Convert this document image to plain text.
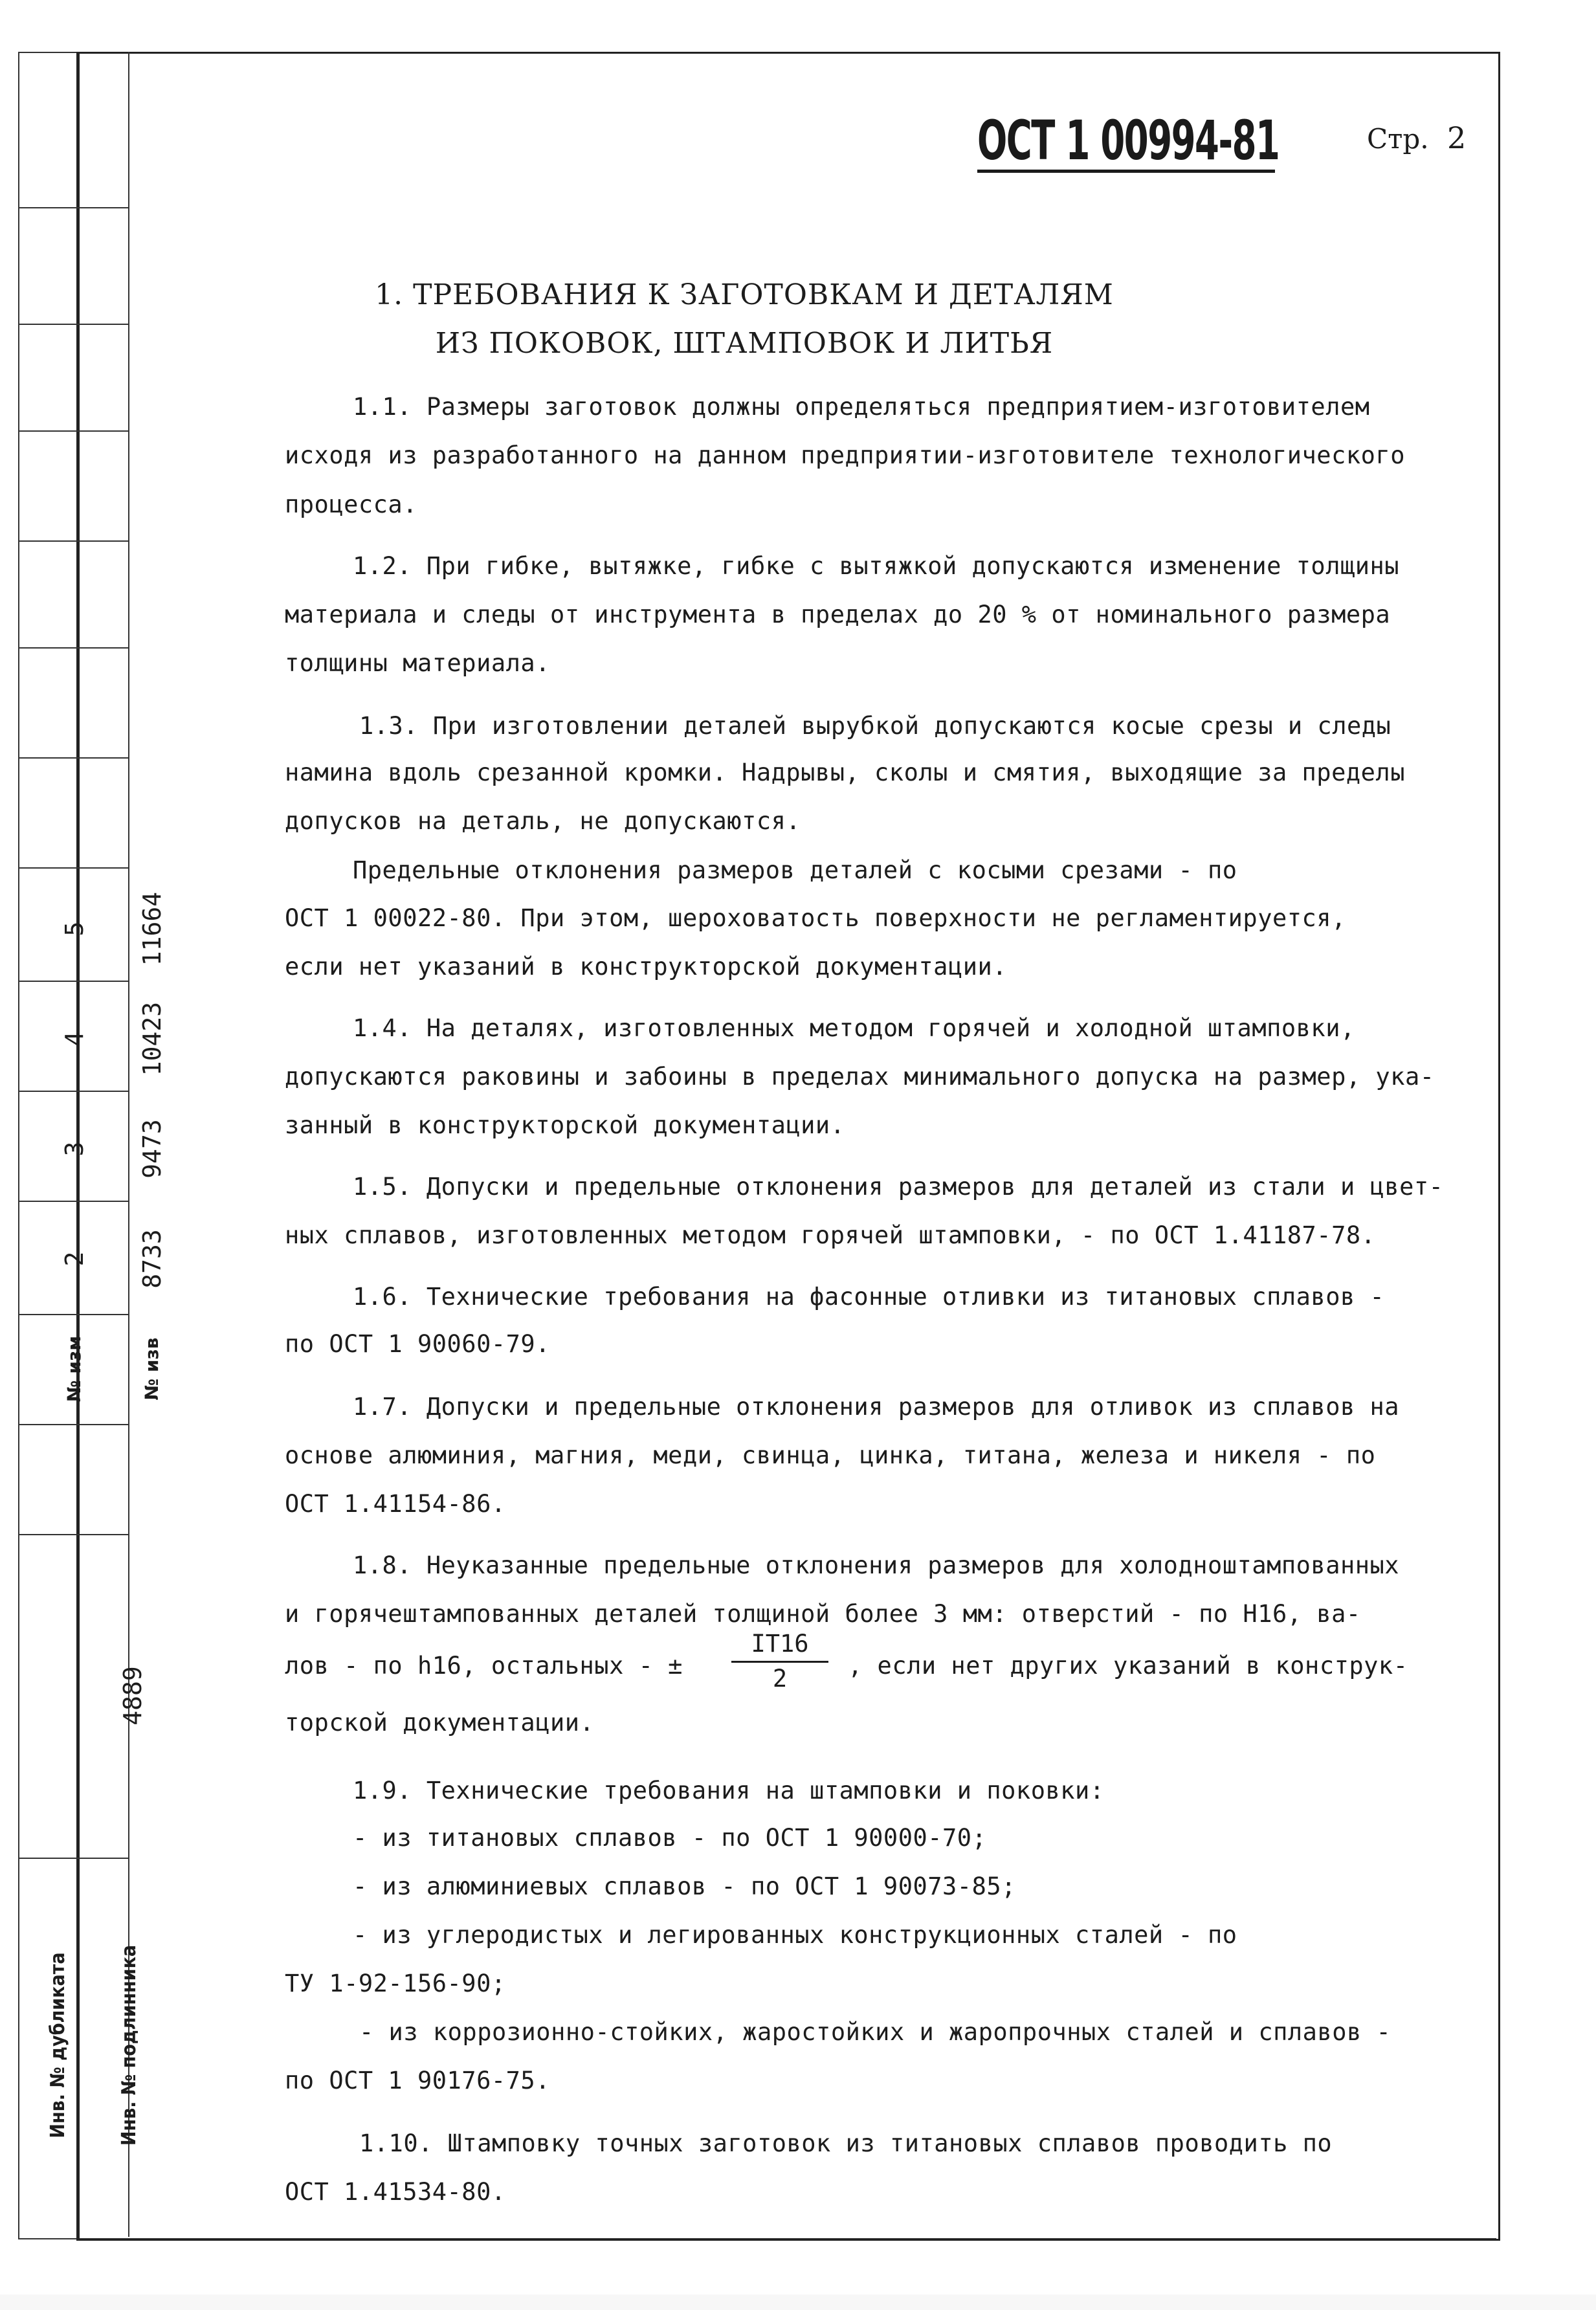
5 11664
4 10423
3 9473
2 8733
№ изм	№ изв
4889
Инв. № дубликата	Инв. № подлинника
ОСТ 1 00994-81	Стр. 2
1. ТРЕБОВАНИЯ К ЗАГОТОВКАМ И ДЕТАЛЯМ
ИЗ ПОКОВОК, ШТАМПОВОК И ЛИТЬЯ
1.1. Размеры заготовок должны определяться предприятием-изготовителем
исходя из разработанного на данном предприятии-изготовителе технологического
процесса.
1.2. При гибке, вытяжке, гибке с вытяжкой допускаются изменение толщины
материала и следы от инструмента в пределах до 20 % от номинального размера
толщины материала.
1.3. При изготовлении деталей вырубкой допускаются косые срезы и следы
намина вдоль срезанной кромки. Надрывы, сколы и смятия, выходящие за пределы
допусков на деталь, не допускаются.
Предельные отклонения размеров деталей с косыми срезами - по
ОСТ 1 00022-80. При этом, шероховатость поверхности не регламентируется,
если нет указаний в конструкторской документации.
1.4. На деталях, изготовленных методом горячей и холодной штамповки,
допускаются раковины и забоины в пределах минимального допуска на размер, ука-
занный в конструкторской документации.
1.5. Допуски и предельные отклонения размеров для деталей из стали и цвет-
ных сплавов, изготовленных методом горячей штамповки, - по ОСТ 1.41187-78.
1.6. Технические требования на фасонные отливки из титановых сплавов -
по ОСТ 1 90060-79.
1.7. Допуски и предельные отклонения размеров для отливок из сплавов на
основе алюминия, магния, меди, свинца, цинка, титана, железа и никеля - по
ОСТ 1.41154-86.
1.8. Неуказанные предельные отклонения размеров для холодноштампованных
и горячештампованных деталей толщиной более 3 мм: отверстий - по Н16, ва-
лов - по h16, остальных - ±
IT16
2	, если нет других указаний в конструк-
торской документации.
1.9. Технические требования на штамповки и поковки:
- из титановых сплавов - по ОСТ 1 90000-70;
- из алюминиевых сплавов - по ОСТ 1 90073-85;
- из углеродистых и легированных конструкционных сталей - по
ТУ 1-92-156-90;
- из коррозионно-стойких, жаростойких и жаропрочных сталей и сплавов -
по ОСТ 1 90176-75.
1.10. Штамповку точных заготовок из титановых сплавов проводить по
ОСТ 1.41534-80.
